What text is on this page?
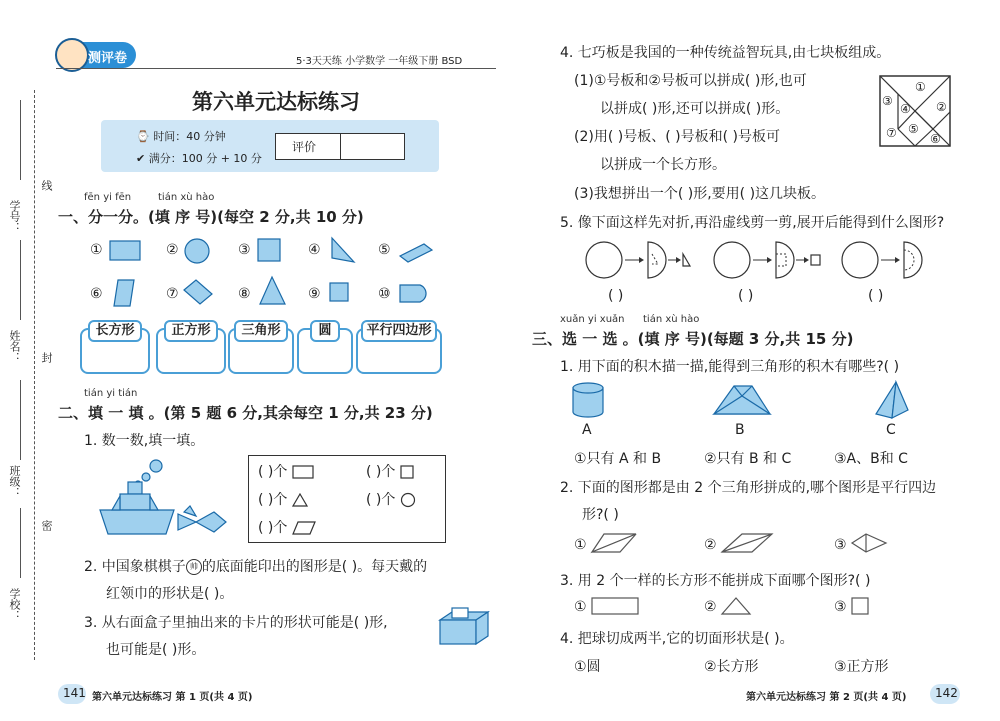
学号：
线
姓名： 封
班级：
密
学校：
测评卷	5·3天天练 小学数学 一年级下册 BSD
第六单元达标练习
⌚ 时间：40 分钟
✔ 满分：100 分 + 10 分
评价
fēn yi fēn	tián xù hào
一、分一分。(填 序 号)(每空 2 分,共 10 分)
①	②	③	④	⑤
⑥	⑦	⑧	⑨	⑩
长方形	正方形	三角形	圆	平行四边形
tián yi tián
二、填 一 填 。(第 5 题 6 分,其余每空 1 分,共 23 分)
1. 数一数,填一填。
( )个	( )个
( )个	( )个
( )个
2. 中国象棋棋子 帅 的底面能印出的图形是( )。每天戴的
红领巾的形状是( )。
3. 从右面盒子里抽出来的卡片的形状可能是( )形,
也可能是( )形。
141 第六单元达标练习 第 1 页(共 4 页)
4. 七巧板是我国的一种传统益智玩具,由七块板组成。
(1)①号板和②号板可以拼成( )形,也可
以拼成( )形,还可以拼成( )形。
(2)用( )号板、( )号板和( )号板可
以拼成一个长方形。
(3)我想拼出一个( )形,要用( )这几块板。
①
②
③
④
⑤
⑥
⑦
5. 像下面这样先对折,再沿虚线剪一剪,展开后能得到什么图形?
( )	( )	( )
xuǎn yi xuǎn tián xù hào
三、选 一 选 。(填 序 号)(每题 3 分,共 15 分)
1. 用下面的积木描一描,能得到三角形的积木有哪些?( )
A	B	C
①只有 A 和 B	②只有 B 和 C	③A、B和 C
2. 下面的图形都是由 2 个三角形拼成的,哪个图形是平行四边
形?( )
①	②	③
3. 用 2 个一样的长方形不能拼成下面哪个图形?( )
①	②	③
4. 把球切成两半,它的切面形状是( )。
①圆	②长方形	③正方形
第六单元达标练习 第 2 页(共 4 页) 142
